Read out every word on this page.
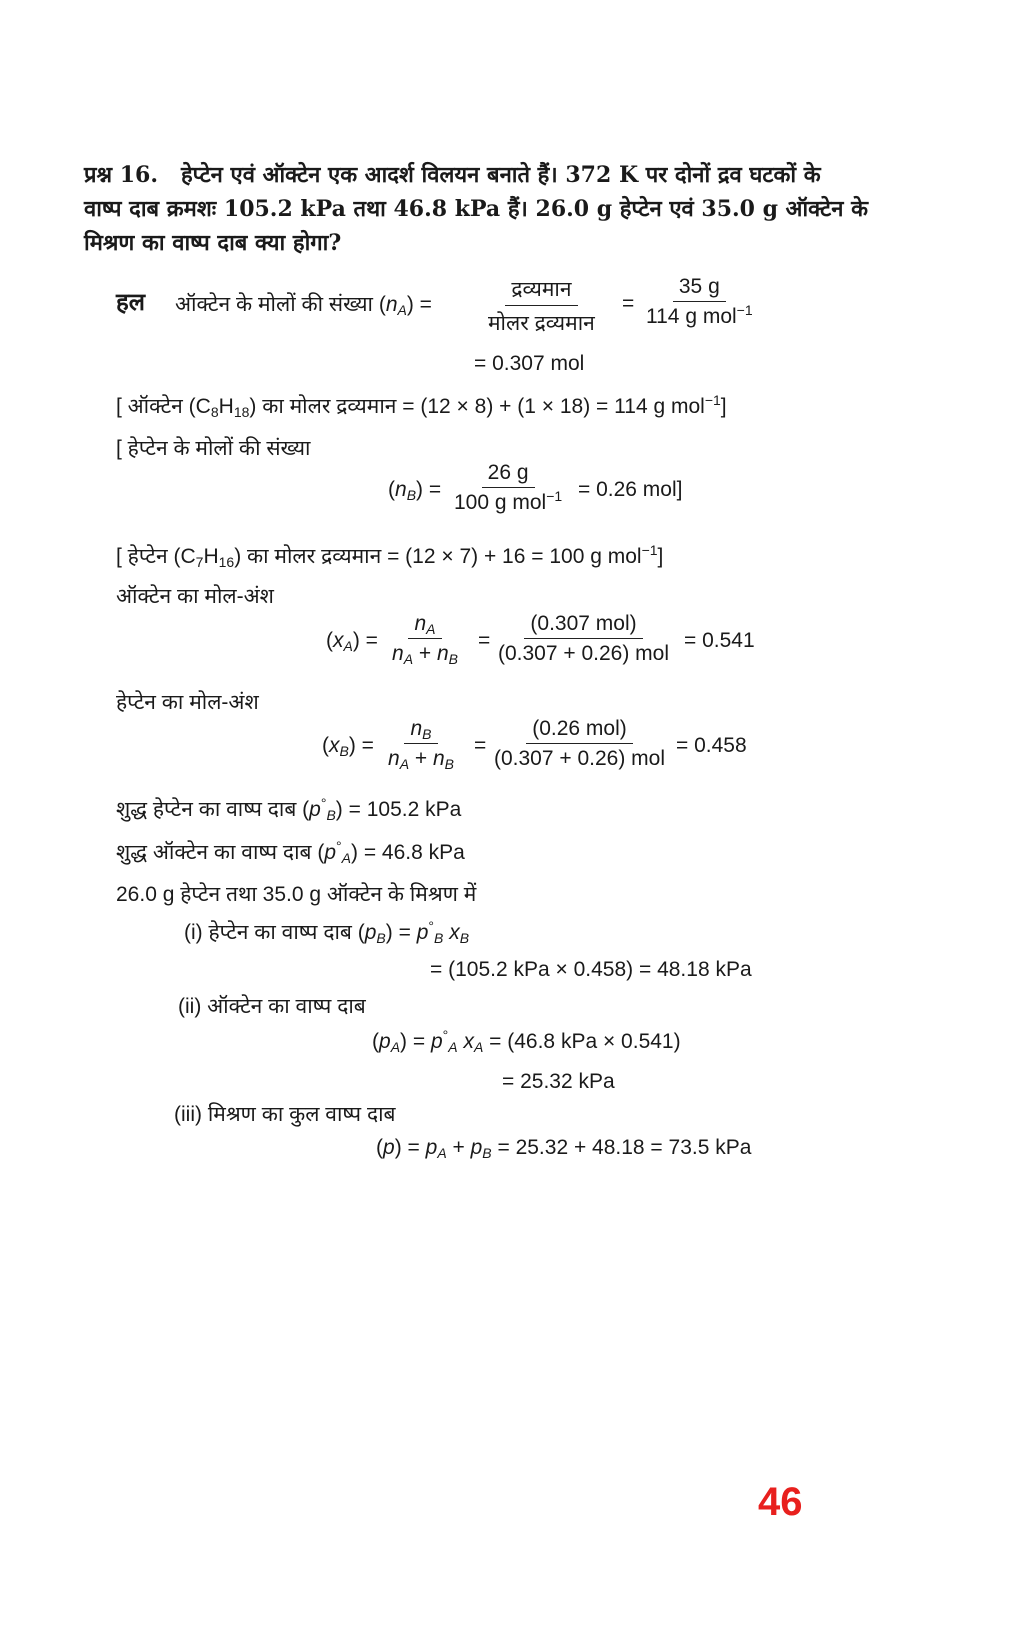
प्रश्न 16. हेप्टेन एवं ऑक्टेन एक आदर्श विलयन बनाते हैं। 372 K पर दोनों द्रव घटकों के
वाष्प दाब क्रमशः 105.2 kPa तथा 46.8 kPa हैं। 26.0 g हेप्टेन एवं 35.0 g ऑक्टेन के
मिश्रण का वाष्प दाब क्या होगा?
हल ऑक्टेन के मोलों की संख्या $(n_A)$ =
द्रव्यमान
मोलर द्रव्यमान
=
35 g
114 g mol$^{-1}$
= 0.307 mol
[ ऑक्टेन $(C_8H_{18})$ का मोलर द्रव्यमान = (12 × 8) + (1 × 18) = 114 g mol$^{-1}$]
[ हेप्टेन के मोलों की संख्या
$(n_B)$ =
26 g
100 g mol$^{-1}$ = 0.26 mol]
[ हेप्टेन $(C_7H_{16})$ का मोलर द्रव्यमान = (12 × 7) + 16 = 100 g mol$^{-1}$]
ऑक्टेन का मोल-अंश
$(x_A) = \frac{n_A}{n_A + n_B}$ =
(0.307 mol)
(0.307 + 0.26) mol
= 0.541
हेप्टेन का मोल-अंश
$(x_B) = \frac{n_B}{n_A + n_B}$ =
(0.26 mol)
(0.307 + 0.26) mol
= 0.458
शुद्ध हेप्टेन का वाष्प दाब $(p^\circ_B) = 105.2$ kPa
शुद्ध ऑक्टेन का वाष्प दाब $(p^\circ_A) = 46.8$ kPa
26.0 g हेप्टेन तथा 35.0 g ऑक्टेन के मिश्रण में
(i) हेप्टेन का वाष्प दाब $(p_B) = p^\circ_B$ $x_B$
= (105.2 kPa × 0.458) = 48.18 kPa
(ii) ऑक्टेन का वाष्प दाब
$(p_A) = p^\circ_A$ $x_A = (46.8$ kPa × 0.541)
= 25.32 kPa
(iii) मिश्रण का कुल वाष्प दाब
$(p) = p_A + p_B = 25.32 + 48.18 = 73.5$ kPa
46
